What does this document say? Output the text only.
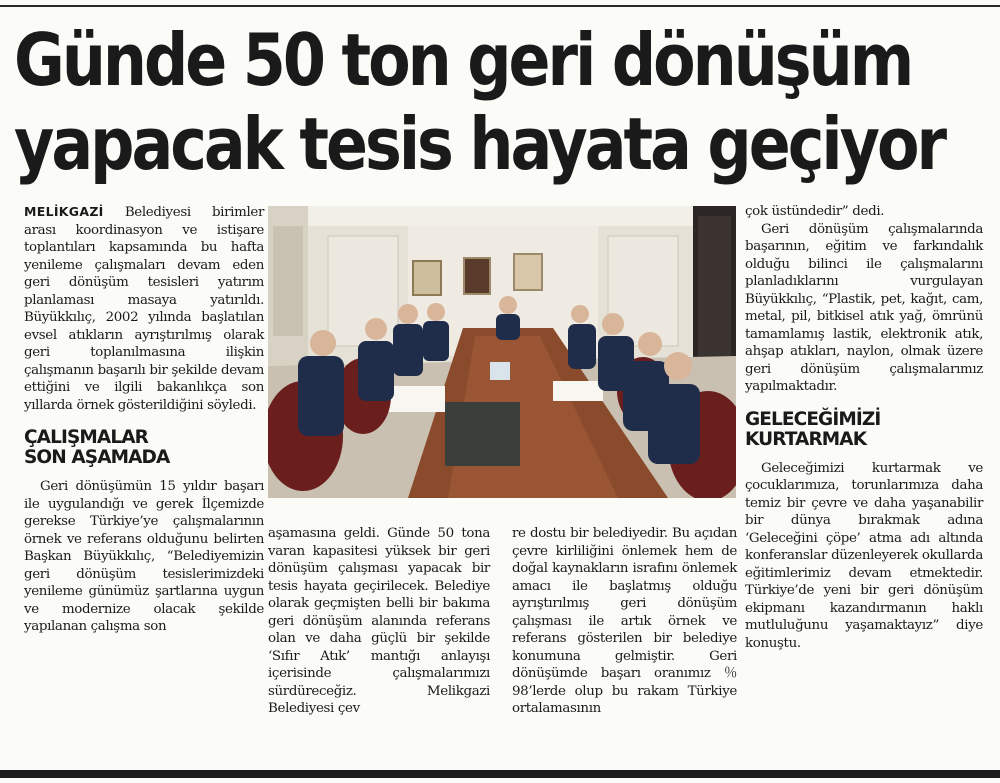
Günde 50 ton geri dönüşüm
yapacak tesis hayata geçiyor

MELİKGAZİ Belediyesi birimler arası koordinasyon ve istişare toplantıları kapsamında bu hafta yenileme çalışmaları devam eden geri dönüşüm tesisleri yatırım planlaması masaya yatırıldı. Büyükkılıç, 2002 yılında başlatılan evsel atıkların ayrıştırılmış olarak geri toplanılmasına ilişkin çalışmanın başarılı bir şekilde devam ettiğini ve ilgili bakanlıkça son yıllarda örnek gösterildiğini söyledi.

ÇALIŞMALAR
SON AŞAMADA

Geri dönüşümün 15 yıldır başarı ile uygulandığı ve gerek İlçemizde gerekse Türkiye’ye çalışmalarının örnek ve referans olduğunu belirten Başkan Büyükkılıç, “Belediyemizin geri dönüşüm tesislerimizdeki yenileme günümüz şartlarına uygun ve modernize olacak şekilde yapılanan çalışma son

aşamasına geldi. Günde 50 tona varan kapasitesi yüksek bir geri dönüşüm çalışması yapacak bir tesis hayata geçirilecek. Belediye olarak geçmişten belli bir bakıma geri dönüşüm alanında referans olan ve daha güçlü bir şekilde ‘Sıfır Atık’ mantığı anlayışı içerisinde çalışmalarımızı sürdüreceğiz. Melikgazi Belediyesi çev

re dostu bir belediyedir. Bu açıdan çevre kirliliğini önlemek hem de doğal kaynakların israfını önlemek amacı ile başlatmış olduğu ayrıştırılmış geri dönüşüm çalışması ile artık örnek ve referans gösterilen bir belediye konumuna gelmiştir. Geri dönüşümde başarı oranımız ％ 98’lerde olup bu rakam Türkiye ortalamasının

çok üstündedir” dedi.

Geri dönüşüm çalışmalarında başarının, eğitim ve farkındalık olduğu bilinci ile çalışmalarını planladıklarını vurgulayan Büyükkılıç, “Plastik, pet, kağıt, cam, metal, pil, bitkisel atık yağ, ömrünü tamamlamış lastik, elektronik atık, ahşap atıkları, naylon, olmak üzere geri dönüşüm çalışmalarımız yapılmaktadır.

GELECEĞİMİZİ
KURTARMAK

Geleceğimizi kurtarmak ve çocuklarımıza, torunlarımıza daha temiz bir çevre ve daha yaşanabilir bir dünya bırakmak adına ‘Geleceğini çöpe’ atma adı altında konferanslar düzenleyerek okullarda eğitimlerimiz devam etmektedir. Türkiye’de yeni bir geri dönüşüm ekipmanı kazandırmanın haklı mutluluğunu yaşamaktayız” diye konuştu.
